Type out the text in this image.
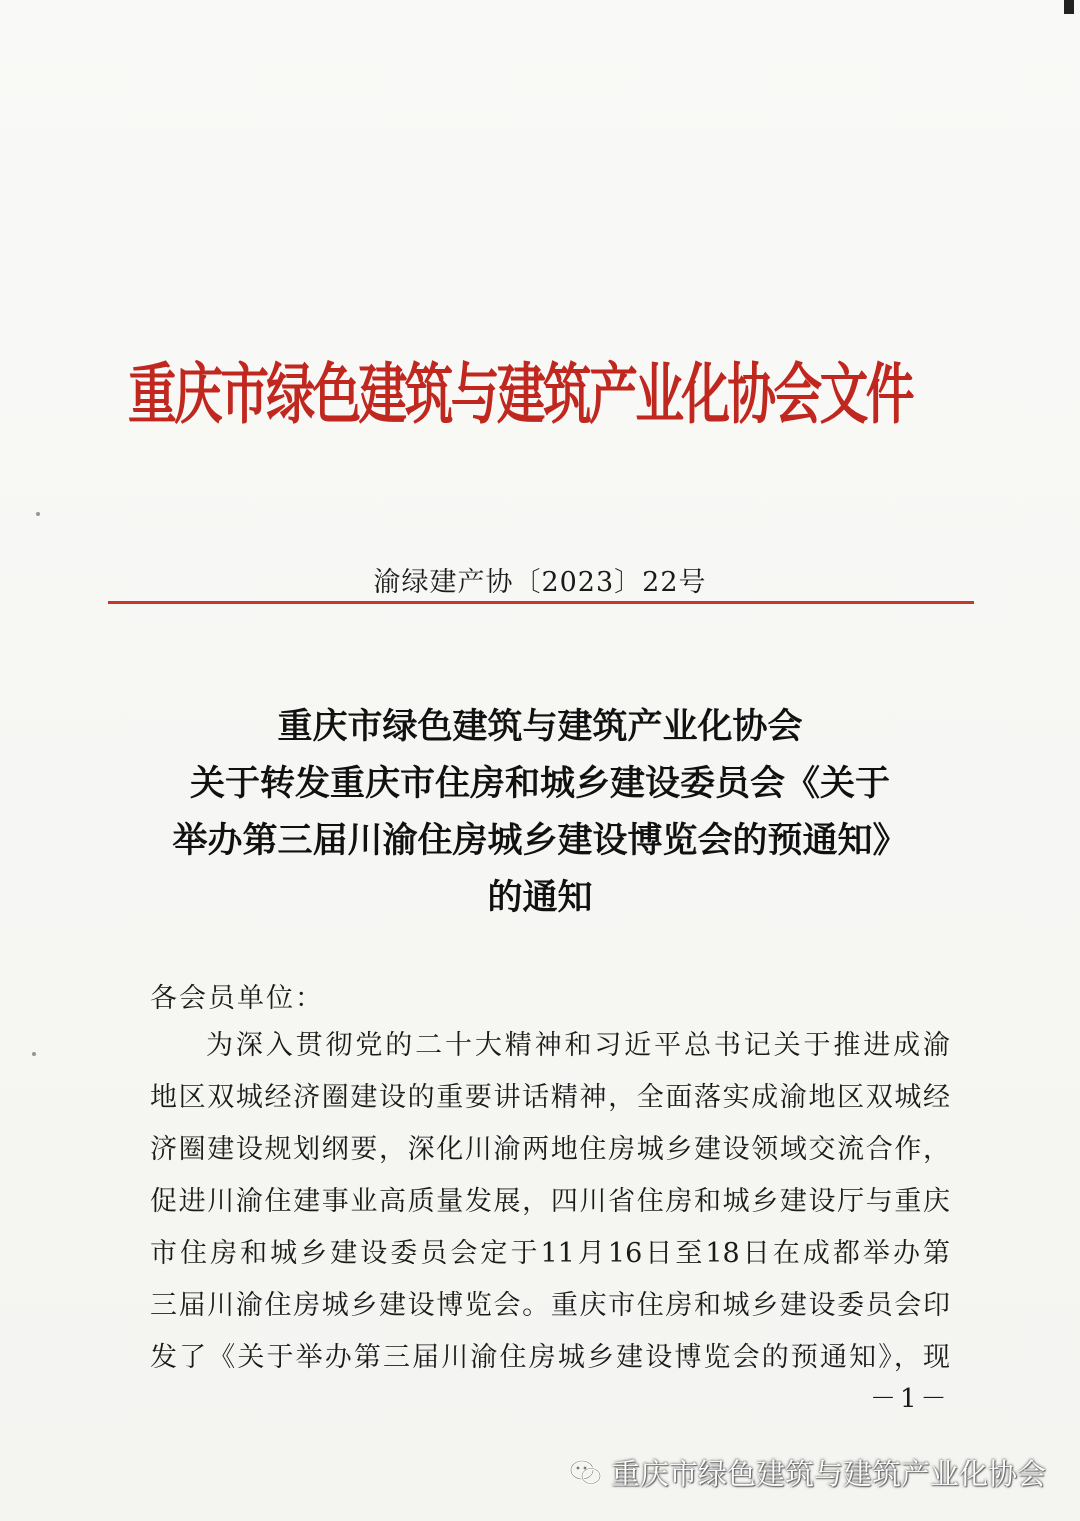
重庆市绿色建筑与建筑产业化协会文件
渝绿建产协〔2023〕22号
重庆市绿色建筑与建筑产业化协会
关于转发重庆市住房和城乡建设委员会《关于
举办第三届川渝住房城乡建设博览会的预通知》
的通知
各会员单位：
为深入贯彻党的二十大精神和习近平总书记关于推进成渝
地区双城经济圈建设的重要讲话精神，全面落实成渝地区双城经
济圈建设规划纲要，深化川渝两地住房城乡建设领域交流合作，
促进川渝住建事业高质量发展，四川省住房和城乡建设厅与重庆
市住房和城乡建设委员会定于11月16日至18日在成都举办第
三届川渝住房城乡建设博览会。重庆市住房和城乡建设委员会印
发了《关于举办第三届川渝住房城乡建设博览会的预通知》，现
－1－
重庆市绿色建筑与建筑产业化协会
